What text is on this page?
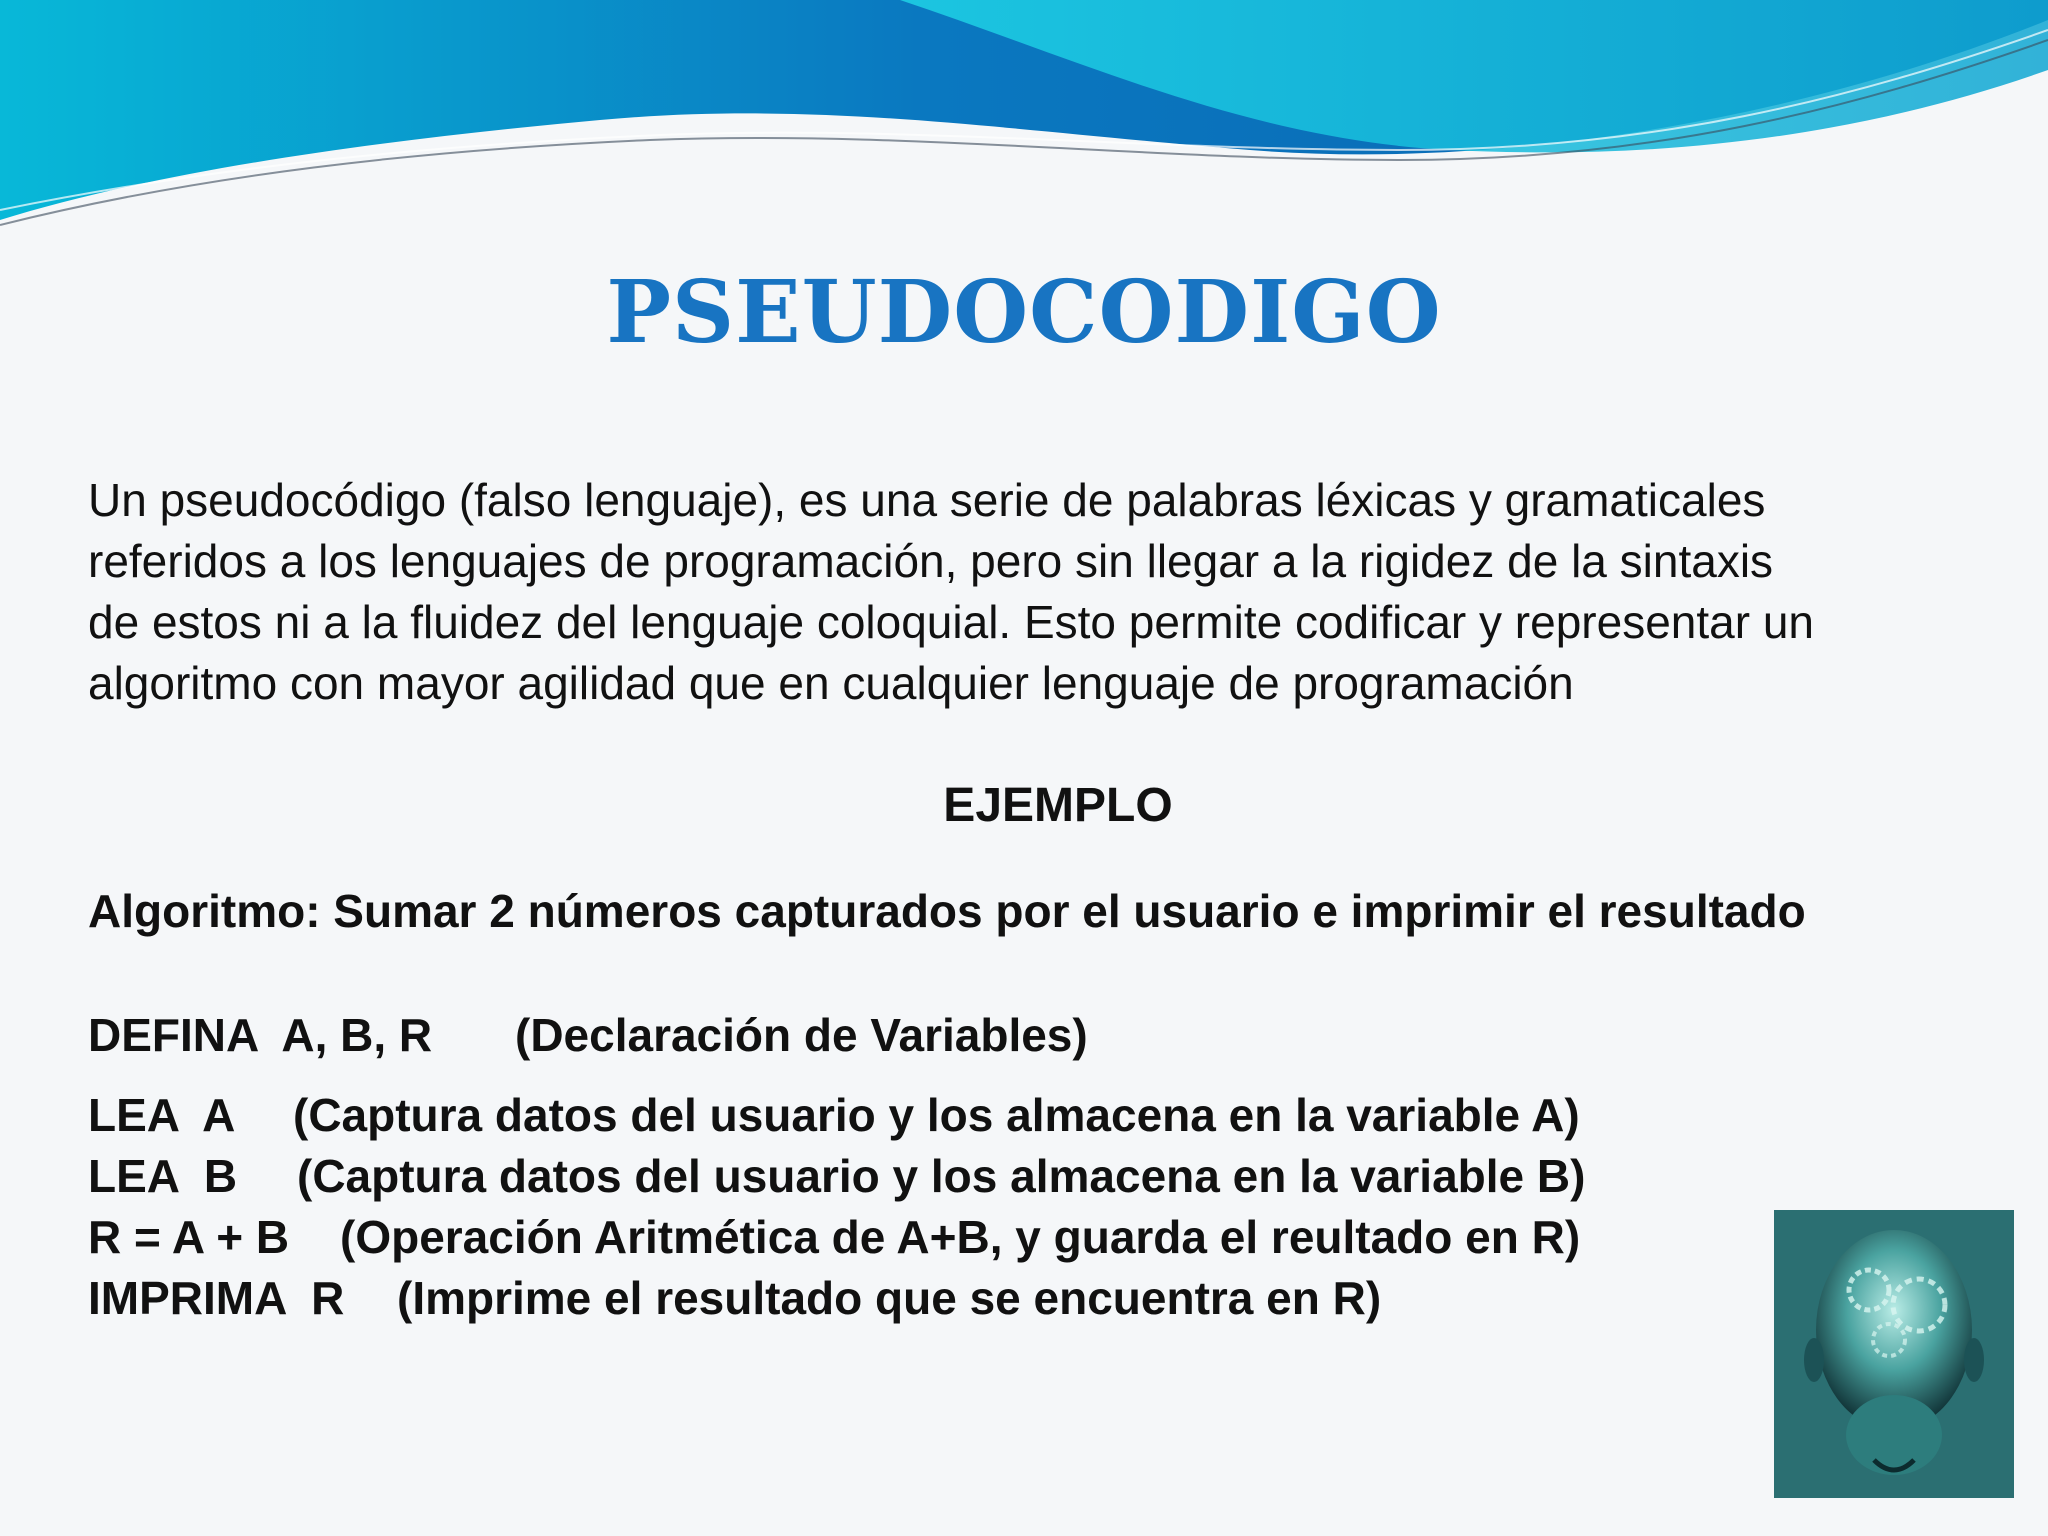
PSEUDOCODIGO

Un pseudocódigo (falso lenguaje), es una serie de palabras léxicas y gramaticales
referidos a los lenguajes de programación, pero sin llegar a la rigidez de la sintaxis
de estos ni a la fluidez del lenguaje coloquial. Esto permite codificar y representar un
algoritmo con mayor agilidad que en cualquier lenguaje de programación

EJEMPLO
Algoritmo: Sumar 2 números capturados por el usuario e imprimir el resultado
DEFINA  A, B, R (Declaración de Variables)
LEA  A (Captura datos del usuario y los almacena en la variable A)
LEA  B (Captura datos del usuario y los almacena en la variable B)
R = A + B (Operación Aritmética de A+B, y guarda el reultado en R)
IMPRIMA  R (Imprime el resultado que se encuentra en R)
